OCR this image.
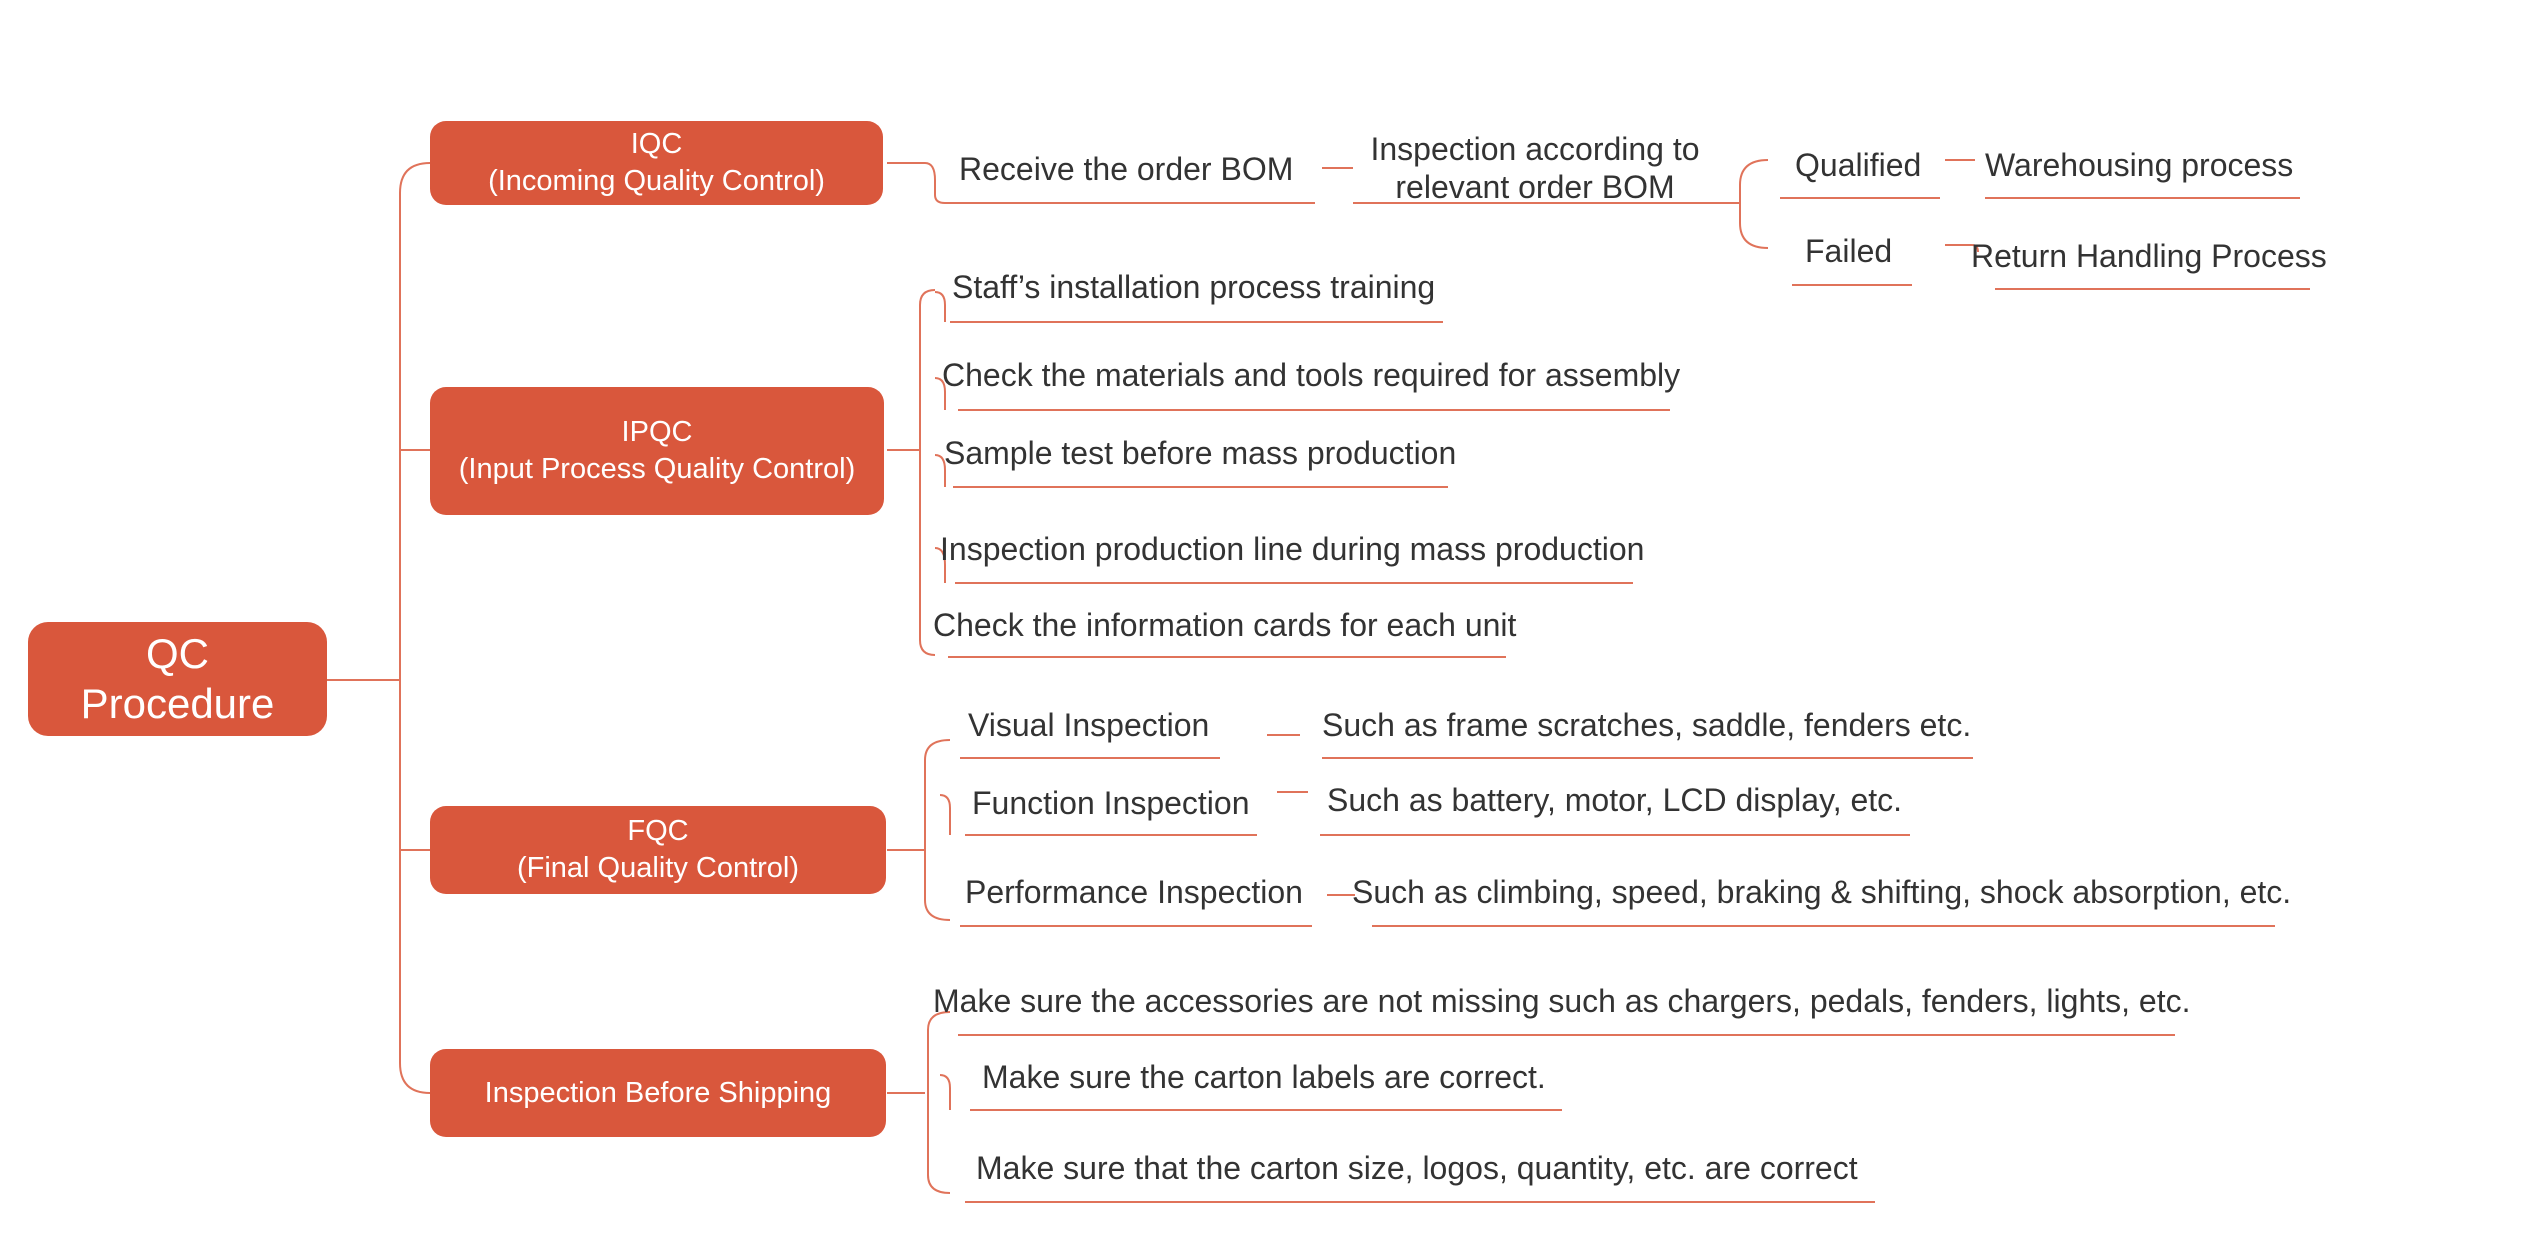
QC
Procedure
IQC
(Incoming Quality Control)
IPQC
(Input Process Quality Control)
FQC
(Final Quality Control)
Inspection Before Shipping
Receive the order BOM
Inspection according to
relevant order BOM
Qualified
Failed
Warehousing process
Return Handling Process
Staff’s installation process training
Check the materials and tools required for assembly
Sample test before mass production
Inspection production line during mass production
Check the information cards for each unit
Visual Inspection	Such as frame scratches, saddle, fenders etc.
Function Inspection Such as battery, motor, LCD display, etc.
Performance Inspection Such as climbing, speed, braking & shifting, shock absorption, etc.
Make sure the accessories are not missing such as chargers, pedals, fenders, lights, etc.
Make sure the carton labels are correct.
Make sure that the carton size, logos, quantity, etc. are correct
